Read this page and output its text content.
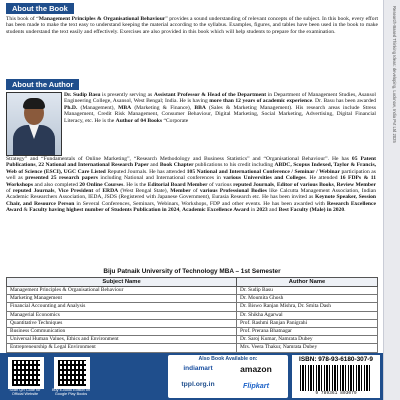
About the Book
This book of “Management Principles & Organisational Behaviour” provides a sound understanding of relevant concepts of the subject. In this book, every effort has been made to make the text easy to understand keeping the material according to the syllabus. Examples, figures, and tables have been used in the book to make students understand the text easily and effectively. Exercises are also provided in this book which will help students to prepare for the examination.
About the Author
Dr. Sudip Basu is presently serving as Assistant Professor & Head of the Department in Department of Management Studies, Asansol Engineering College, Asansol, West Bengal; India. He is having more than 12 years of academic experience. Dr. Basu has been awarded Ph.D. (Management), MBA (Marketing & Finance), BBA (Sales & Marketing Management). His research areas include Stress Management, Credit Risk Management, Consumer Behaviour, Digital Marketing, Social Marketing, Advertising, Digital Financial Literacy, etc. He is the Author of 04 Books “Corporate
Strategy” and “Fundamentals of Online Marketing”, “Research Methodology and Business Statistics” and “Organisational Behaviour”. He has 05 Patent Publications, 22 National and International Research Paper and Book Chapter publications to his credit including ABDC, Scopus Indexed, Taylor & Francis, Web of Science (ESCI), UGC Care Listed Reputed Journals. He has attended 105 National and International Conference / Seminar / Webinar participation as well as presented 25 research papers including National and International conferences in various Universities and Colleges. He attended 16 FDPs & 11 Workshops and also completed 20 Online Courses. He is the Editorial Board Member of various reputed Journals, Editor of various Books, Review Member of reputed Journals, Vice President of ERDA (West Bengal State), Member of various Professional Bodies like Calcutta Management Association, Indian Academic Researchers Association, IEDA, JSDS (Registered with Japanese Government), Eurasia Research etc. He has been invited as Keynote Speaker, Session Chair, and Resource Person in Several Conferences, Seminars, Webinars, Workshops, FDP and other events. He has been awarded with Research Excellence Award & Faculty having highest number of Students Publication in 2024, Academic Excellence Award in 2023 and Best Faculty (Male) in 2020.
Biju Patnaik University of Technology MBA – 1st Semester
Subject Name	Author Name
Management Principles & Organisational Behaviour	Dr. Sudip Basu
Marketing Management	Dr. Moumita Ghosh
Financial Accounting and Analysis	Dr. Biswo Ranjan Mishra, Dr. Smita Dash
Managerial Economics	Dr. Shikha Agarwal
Quantitative Techniques	Prof. Rashmi Ranjan Panigrahi
Business Communication	Prof. Prerana Bhatnagar
Universal Human Values, Ethics and Environment	Dr. Saroj Kumar, Namrata Dubey
Entrepreneurship & Legal Environment	Mrs. Veera Thakur, Namrata Dubey

Scan QR Code for Official Website
Buy E-Book Edition on Google Play Books
Also Book Available on:
indiamart	amazon
tppl.org.in	Flipkart
ISBN: 978-93-6180-307-9
9 789361 803079
Research-Based Thinking Ideas: developing, Lucknow, India Pvt Ltd 2025
